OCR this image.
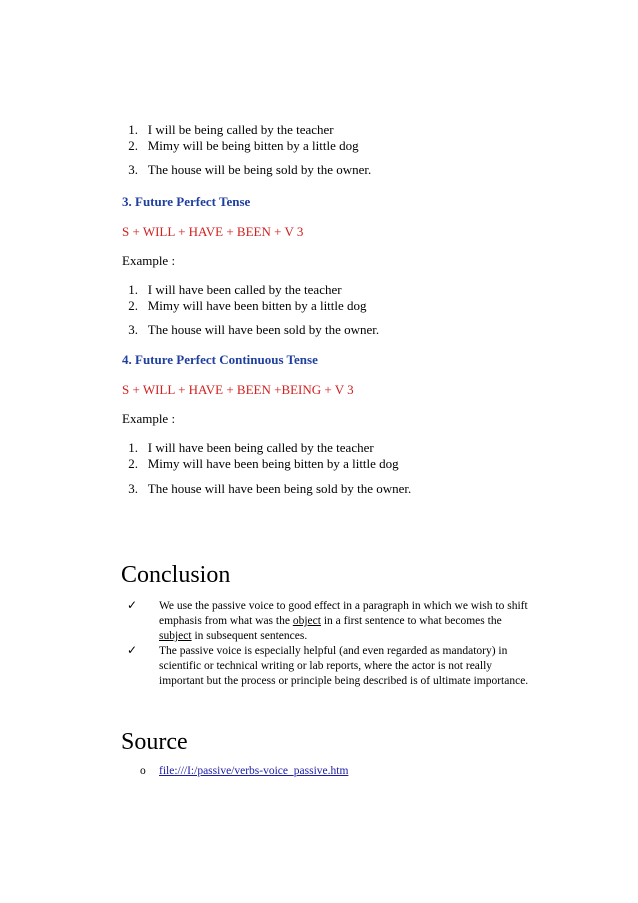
1. I will be being called by the teacher
2. Mimy will be being bitten by a little dog
3. The house will be being sold by the owner.
3. Future Perfect Tense
S + WILL + HAVE + BEEN + V 3
Example :
1. I will have been called by the teacher
2. Mimy will have been bitten by a little dog
3. The house will have been sold by the owner.
4. Future Perfect Continuous Tense
S + WILL + HAVE + BEEN +BEING + V 3
Example :
1. I will have been being called by the teacher
2. Mimy will have been being bitten by a little dog
3. The house will have been being sold by the owner.
Conclusion
✓ We use the passive voice to good effect in a paragraph in which we wish to shift
emphasis from what was the object in a first sentence to what becomes the
subject in subsequent sentences.
✓ The passive voice is especially helpful (and even regarded as mandatory) in
scientific or technical writing or lab reports, where the actor is not really
important but the process or principle being described is of ultimate importance.
Source
o file:///I:/passive/verbs-voice_passive.htm
